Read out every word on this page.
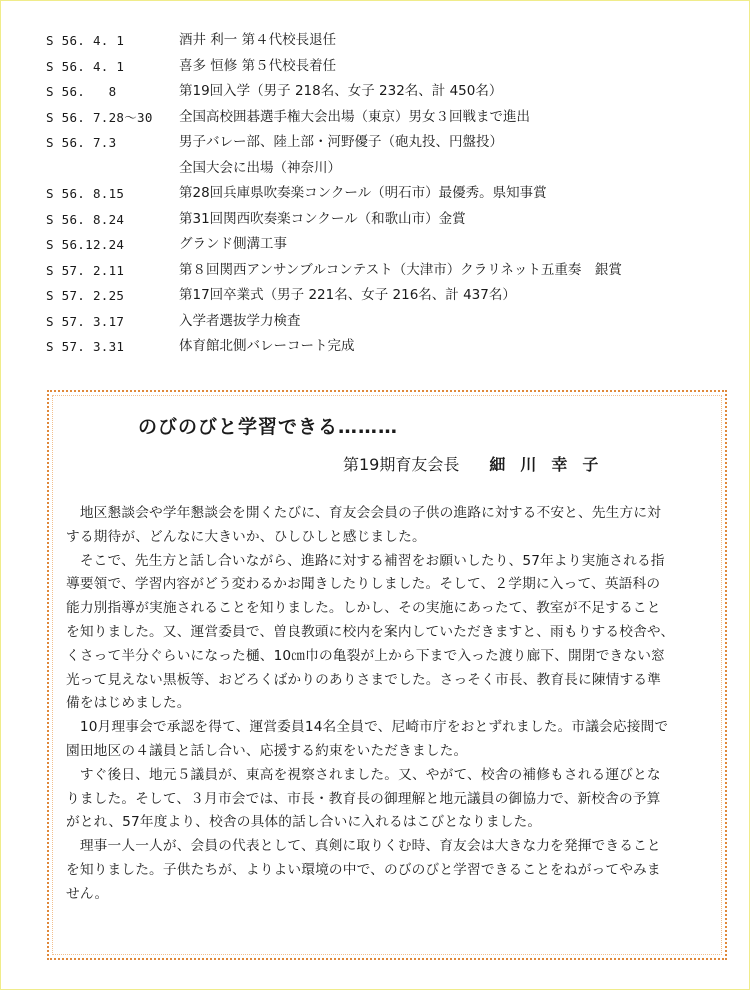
S 56. 4. 1	酒井 利一 第４代校長退任
S 56. 4. 1	喜多 恒修 第５代校長着任
S 56.   8	第19回入学（男子 218名、女子 232名、計 450名）
S 56. 7.28～30	全国高校囲碁選手権大会出場（東京）男女３回戦まで進出
S 56. 7.3	男子バレー部、陸上部・河野優子（砲丸投、円盤投）
全国大会に出場（神奈川）
S 56. 8.15	第28回兵庫県吹奏楽コンクール（明石市）最優秀。県知事賞
S 56. 8.24	第31回関西吹奏楽コンクール（和歌山市）金賞
S 56.12.24	グランド側溝工事
S 57. 2.11	第８回関西アンサンブルコンテスト（大津市）クラリネット五重奏　銀賞
S 57. 2.25	第17回卒業式（男子 221名、女子 216名、計 437名）
S 57. 3.17	入学者選抜学力検査
S 57. 3.31	体育館北側バレーコート完成
のびのびと学習できる………
第19期育友会長 細川幸子
　地区懇談会や学年懇談会を開くたびに、育友会会員の子供の進路に対する不安と、先生方に対
する期待が、どんなに大きいか、ひしひしと感じました。
　そこで、先生方と話し合いながら、進路に対する補習をお願いしたり、57年より実施される指
導要領で、学習内容がどう変わるかお聞きしたりしました。そして、２学期に入って、英語科の
能力別指導が実施されることを知りました。しかし、その実施にあったて、教室が不足すること
を知りました。又、運営委員で、曽良教頭に校内を案内していただきますと、雨もりする校舎や、
くさって半分ぐらいになった樋、10㎝巾の亀裂が上から下まで入った渡り廊下、開閉できない窓
光って見えない黒板等、おどろくばかりのありさまでした。さっそく市長、教育長に陳情する準
備をはじめました。
　10月理事会で承認を得て、運営委員14名全員で、尼崎市庁をおとずれました。市議会応接間で
園田地区の４議員と話し合い、応援する約束をいただきました。
　すぐ後日、地元５議員が、東高を視察されました。又、やがて、校舎の補修もされる運びとな
りました。そして、３月市会では、市長・教育長の御理解と地元議員の御協力で、新校舎の予算
がとれ、57年度より、校舎の具体的話し合いに入れるはこびとなりました。
　理事一人一人が、会員の代表として、真剣に取りくむ時、育友会は大きな力を発揮できること
を知りました。子供たちが、よりよい環境の中で、のびのびと学習できることをねがってやみま
せん。
